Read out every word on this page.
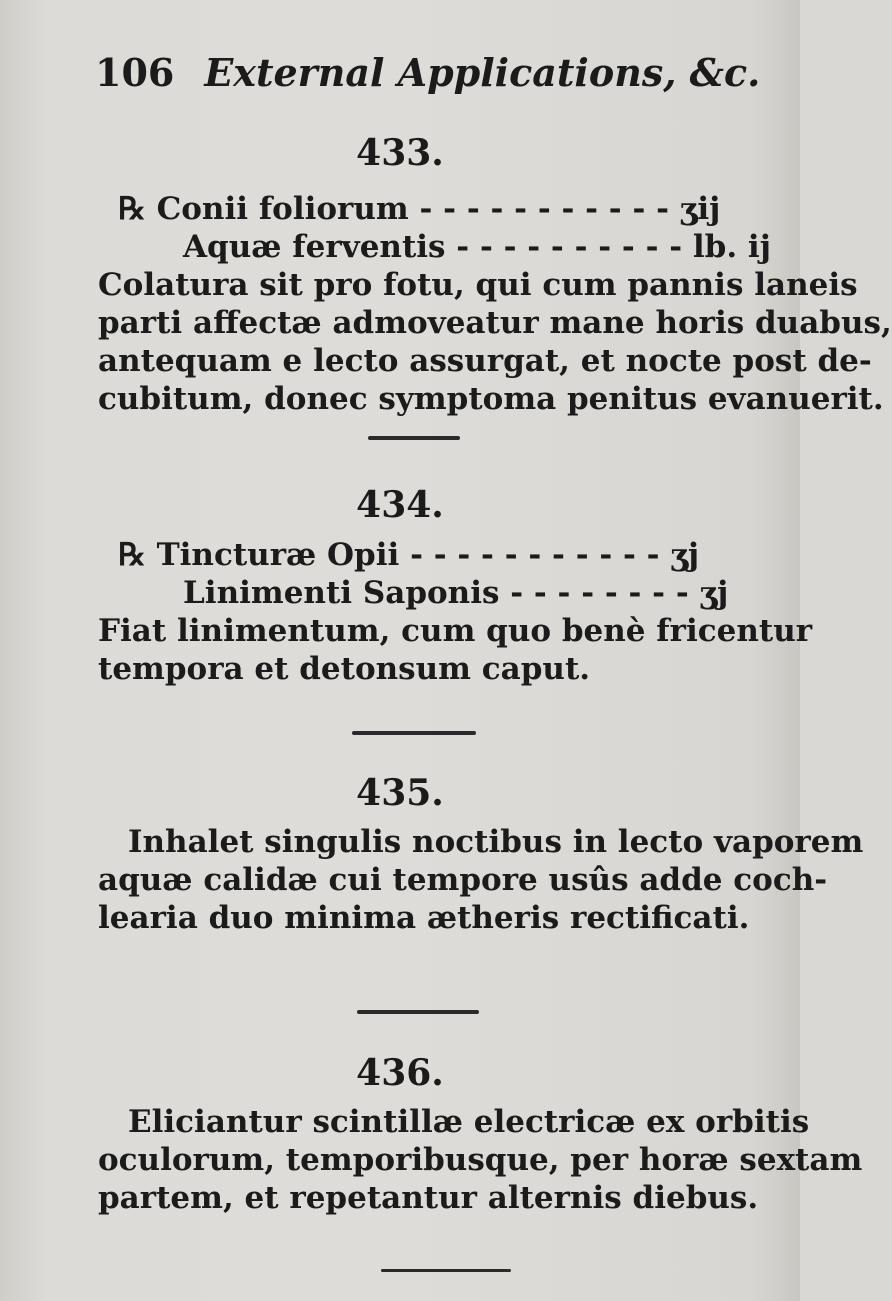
106 External Applications, &c.
433.
℞ Conii foliorum - - - - - - - - - - - ʒij
Aquæ ferventis - - - - - - - - - - lb. ij
Colatura sit pro fotu, qui cum pannis laneis
parti affectæ admoveatur mane horis duabus,
antequam e lecto assurgat, et nocte post de-
cubitum, donec symptoma penitus evanuerit.
434.
℞ Tincturæ Opii - - - - - - - - - - - ʒj
Linimenti Saponis - - - - - - - - ʒj
Fiat linimentum, cum quo benè fricentur
tempora et detonsum caput.
435.
Inhalet singulis noctibus in lecto vaporem
aquæ calidæ cui tempore usûs adde coch-
learia duo minima ætheris rectificati.
436.
Eliciantur scintillæ electricæ ex orbitis
oculorum, temporibusque, per horæ sextam
partem, et repetantur alternis diebus.
